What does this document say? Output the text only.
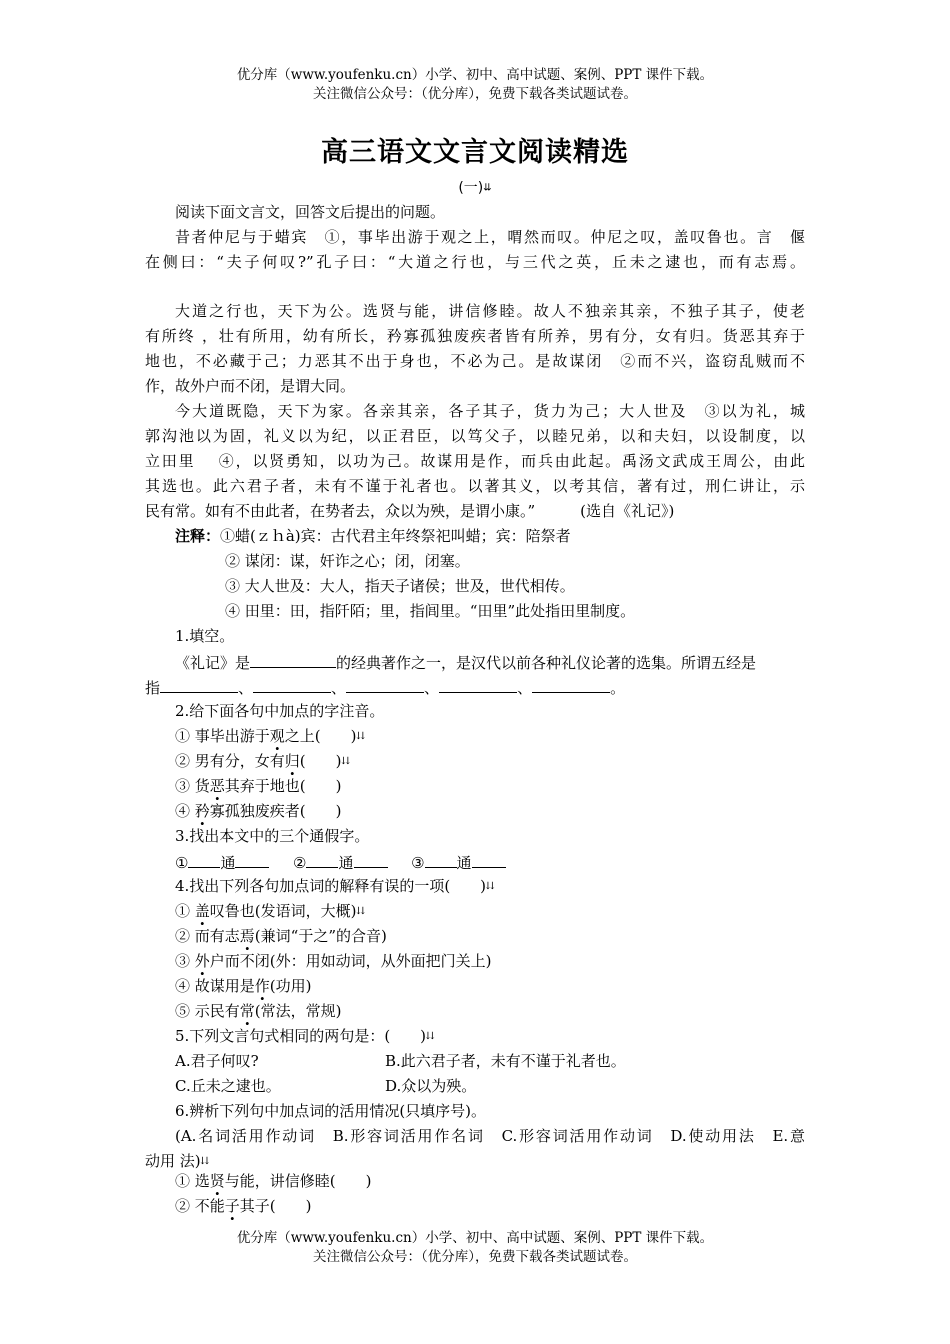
优分库（www.youfenku.cn）小学、初中、高中试题、案例、PPT 课件下载。
关注微信公众号：（优分库），免费下载各类试题试卷。
高三语文文言文阅读精选
(一)⇊
阅读下面文言文，回答文后提出的问题。
昔者仲尼与于蜡宾　①，事毕出游于观之上，喟然而叹。仲尼之叹，盖叹鲁也。言　偃
在侧曰：“夫子何叹?”孔子曰：“大道之行也，与三代之英，丘未之逮也，而有志焉。
大道之行也，天下为公。选贤与能，讲信修睦。故人不独亲其亲，不独子其子，使老
有所终 ，壮有所用，幼有所长，矜寡孤独废疾者皆有所养，男有分，女有归。货恶其弃于
地也，不必藏于己；力恶其不出于身也，不必为己。是故谋闭　②而不兴，盗窃乱贼而不
作，故外户而不闭，是谓大同。
今大道既隐，天下为家。各亲其亲，各子其子，货力为己；大人世及　③以为礼，城
郭沟池以为固，礼义以为纪，以正君臣，以笃父子，以睦兄弟，以和夫妇，以设制度，以
立田里　 ④，以贤勇知，以功为己。故谋用是作，而兵由此起。禹汤文武成王周公，由此
其选也。此六君子者，未有不谨于礼者也。以著其义，以考其信，著有过，刑仁讲让，示
民有常。如有不由此者，在势者去，众以为殃，是谓小康。”　　　(选自《礼记》)
注释：①蜡(ｚｈà)宾：古代君主年终祭祀叫蜡；宾：陪祭者
② 谋闭：谋，奸诈之心；闭，闭塞。
③ 大人世及：大人，指天子诸侯；世及，世代相传。
④ 田里：田，指阡陌；里，指闾里。“田里”此处指田里制度。
1.填空。
《礼记》是	的经典著作之一，是汉代以前各种礼仪论著的选集。所谓五经是
指	、	、	、	、	。
2.给下面各句中加点的字注音。
① 事毕出游于观之上(　　)⇊
② 男有分，女有归(　　)⇊
③ 货恶其弃于地也(　　)
④ 矜寡孤独废疾者(　　)
3.找出本文中的三个通假字。
① 通	② 通	③ 通
4.找出下列各句加点词的解释有误的一项(　　)⇊
① 盖叹鲁也(发语词，大概)⇊
② 而有志焉(兼词“于之”的合音)
③ 外户而不闭(外：用如动词，从外面把门关上)
④ 故谋用是作(功用)
⑤ 示民有常(常法，常规)
5.下列文言句式相同的两句是：(　　)⇊
A.君子何叹?	B.此六君子者，未有不谨于礼者也。
C.丘未之逮也。	D.众以为殃。
6.辨析下列句中加点词的活用情况(只填序号)。
(A.名词活用作动词　B.形容词活用作名词　C.形容词活用作动词　D.使动用法　E.意
动用 法)⇊
① 选贤与能，讲信修睦(　　)
② 不能子其子(　　)
优分库（www.youfenku.cn）小学、初中、高中试题、案例、PPT 课件下载。
关注微信公众号：（优分库），免费下载各类试题试卷。
